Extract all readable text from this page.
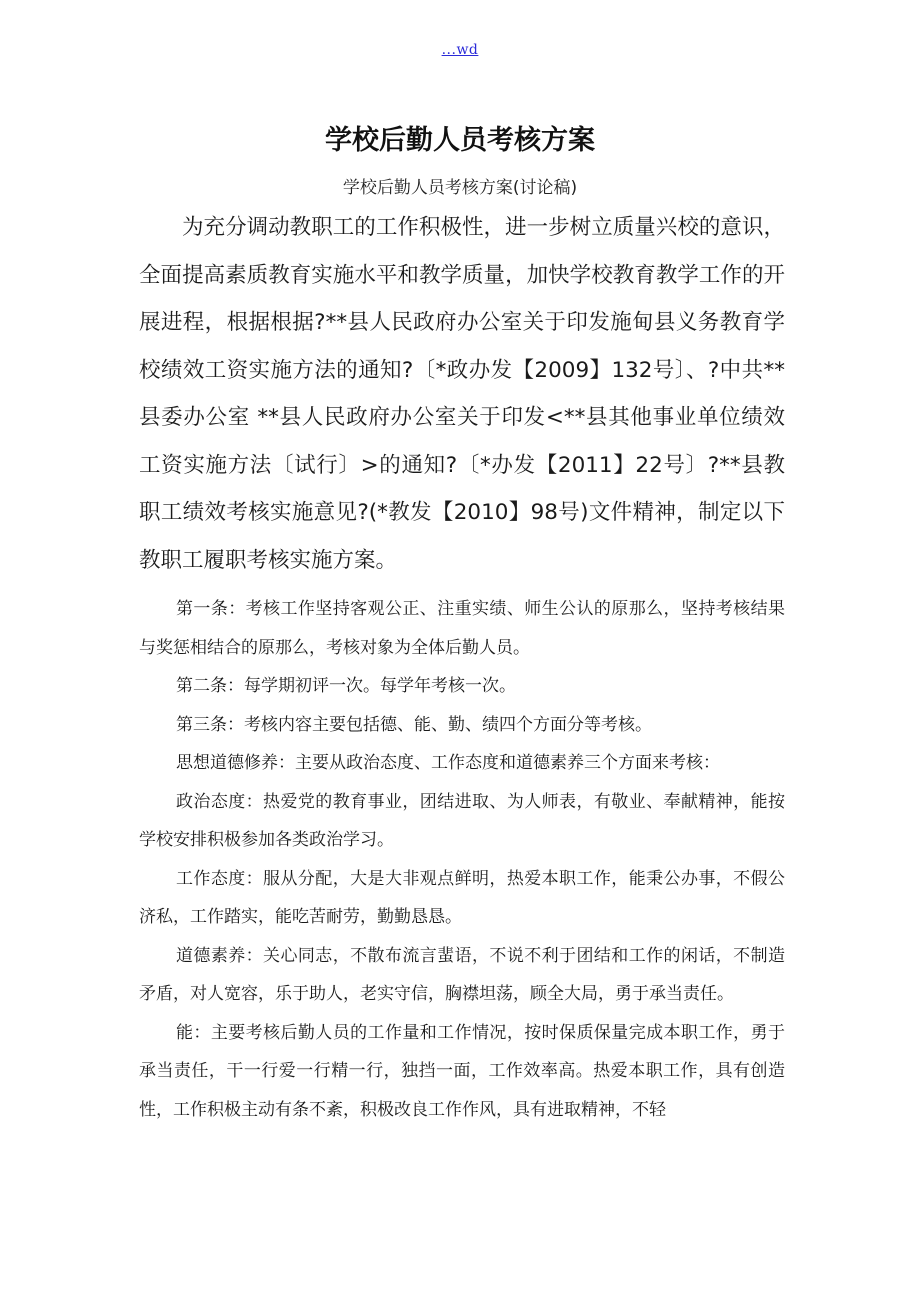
...wd
学校后勤人员考核方案
学校后勤人员考核方案(讨论稿)

为充分调动教职工的工作积极性，进一步树立质量兴校的意识，全面提高素质教育实施水平和教学质量，加快学校教育教学工作的开展进程，根据根据?**县人民政府办公室关于印发施甸县义务教育学校绩效工资实施方法的通知?〔*政办发【2009】132号〕、?中共**县委办公室 **县人民政府办公室关于印发<**县其他事业单位绩效工资实施方法〔试行〕>的通知?〔*办发【2011】22号〕?**县教职工绩效考核实施意见?(*教发【2010】98号)文件精神，制定以下教职工履职考核实施方案。

第一条：考核工作坚持客观公正、注重实绩、师生公认的原那么，坚持考核结果与奖惩相结合的原那么，考核对象为全体后勤人员。

第二条：每学期初评一次。每学年考核一次。

第三条：考核内容主要包括德、能、勤、绩四个方面分等考核。

思想道德修养：主要从政治态度、工作态度和道德素养三个方面来考核：

政治态度：热爱党的教育事业，团结进取、为人师表，有敬业、奉献精神，能按学校安排积极参加各类政治学习。

工作态度：服从分配，大是大非观点鲜明，热爱本职工作，能秉公办事，不假公济私，工作踏实，能吃苦耐劳，勤勤恳恳。

道德素养：关心同志，不散布流言蜚语，不说不利于团结和工作的闲话，不制造矛盾，对人宽容，乐于助人，老实守信，胸襟坦荡，顾全大局，勇于承当责任。

能：主要考核后勤人员的工作量和工作情况，按时保质保量完成本职工作，勇于承当责任，干一行爱一行精一行，独挡一面，工作效率高。热爱本职工作，具有创造性，工作积极主动有条不紊，积极改良工作作风，具有进取精神，不轻
